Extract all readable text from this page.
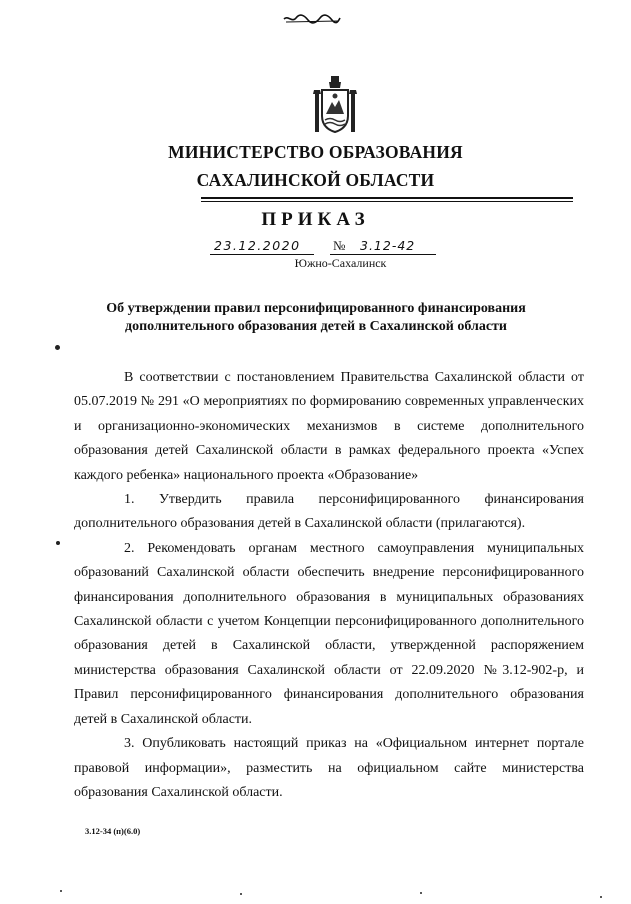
МИНИСТЕРСТВО ОБРАЗОВАНИЯ
САХАЛИНСКОЙ ОБЛАСТИ
ПРИКАЗ
23.12.2020	№ 3.12-42
Южно-Сахалинск
Об утверждении правил персонифицированного финансирования
дополнительного образования детей в Сахалинской области

В соответствии с постановлением Правительства Сахалинской области от 05.07.2019 № 291 «О мероприятиях по формированию современных управленческих и организационно-экономических механизмов в системе дополнительного образования детей Сахалинской области в рамках федерального проекта «Успех каждого ребенка» национального проекта «Образование»

1. Утвердить правила персонифицированного финансирования дополнительного образования детей в Сахалинской области (прилагаются).

2. Рекомендовать органам местного самоуправления муниципальных образований Сахалинской области обеспечить внедрение персонифицированного финансирования дополнительного образования в муниципальных образованиях Сахалинской области с учетом Концепции персонифицированного дополнительного образования детей в Сахалинской области, утвержденной распоряжением министерства образования Сахалинской области от 22.09.2020 №3.12-902-р, и Правил персонифицированного финансирования дополнительного образования детей в Сахалинской области.

3. Опубликовать настоящий приказ на «Официальном интернет портале правовой информации», разместить на официальном сайте министерства образования Сахалинской области.

3.12-34 (п)(6.0)
